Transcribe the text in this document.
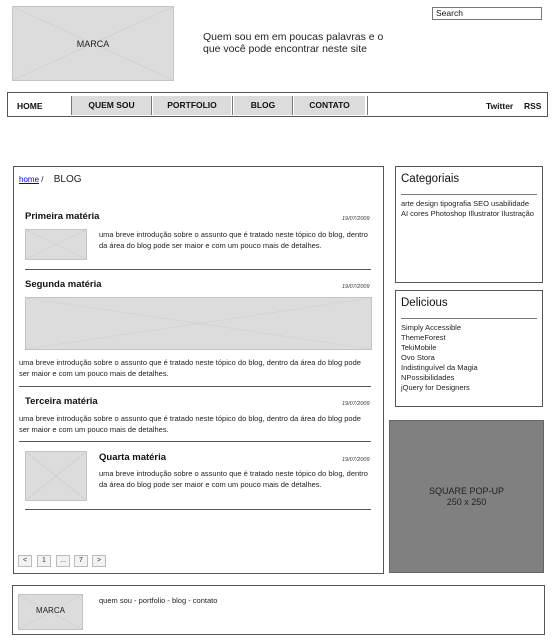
MARCA
Quem sou em em poucas palavras e o que você pode encontrar neste site
Search
HOME	QUEM SOU	PORTFOLIO	BLOG	CONTATO	Twitter RSS
home / BLOG
Primeira matéria	19/07/2009
uma breve introdução sobre o assunto que é tratado neste tópico do blog, dentro da área do blog pode ser maior e com um pouco mais de detalhes.
Segunda matéria	19/07/2009
uma breve introdução sobre o assunto que é tratado neste tópico do blog, dentro da área do blog pode ser maior e com um pouco mais de detalhes.
Terceira matéria	19/07/2009
uma breve introdução sobre o assunto que é tratado neste tópico do blog, dentro da área do blog pode ser maior e com um pouco mais de detalhes.
Quarta matéria	19/07/2009
uma breve introdução sobre o assunto que é tratado neste tópico do blog, dentro da área do blog pode ser maior e com um pouco mais de detalhes.
<	1	...	7	>
Categoriais
arte design tipografia SEO usabilidade AI cores Photoshop Illustrator Ilustração
Delicious
Simply Accessible
ThemeForest
TekiMobile
Ovo Stora
Indistinguível da Magia
NPossibilidades
jQuery for Designers
SQUARE POP-UP
250 x 250
MARCA
quem sou - portfolio - blog - contato
